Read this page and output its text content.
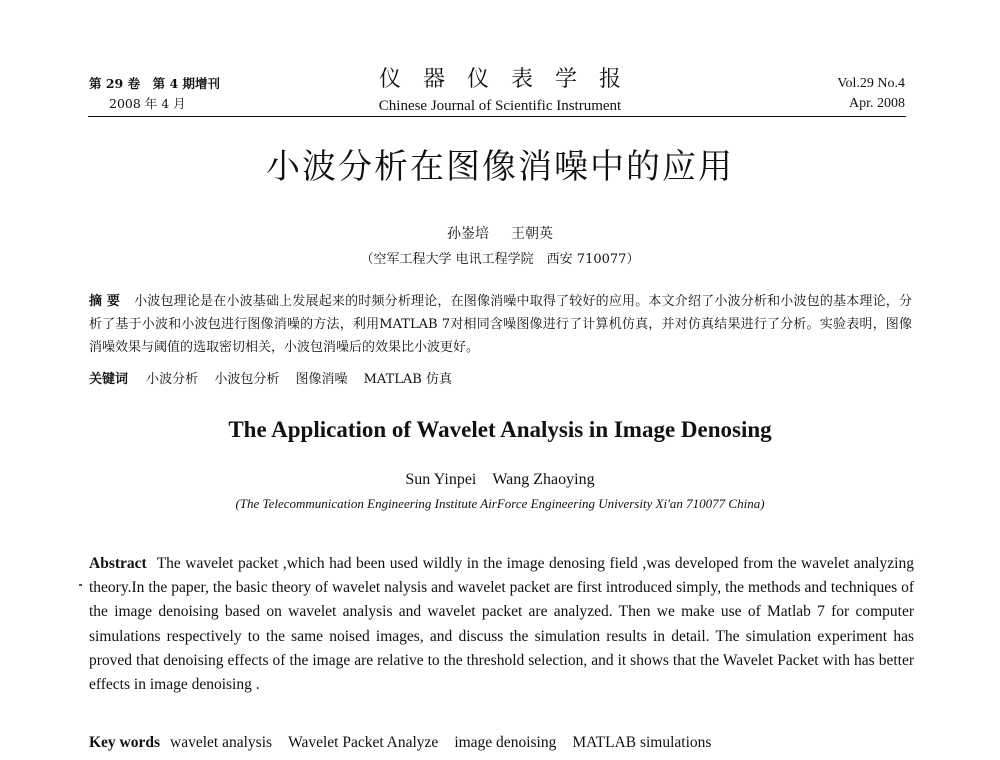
第 29 卷　第 4 期增刊
2008 年 4 月
仪器仪表学报
Chinese Journal of Scientific Instrument
Vol.29 No.4
Apr. 2008
小波分析在图像消噪中的应用
孙崟培 王朝英
（空军工程大学 电讯工程学院　西安 710077）
摘 要 小波包理论是在小波基础上发展起来的时频分析理论，在图像消噪中取得了较好的应用。本文介绍了小波分析和小波包的基本理论，分析了基于小波和小波包进行图像消噪的方法，利用MATLAB 7对相同含噪图像进行了计算机仿真，并对仿真结果进行了分析。实验表明，图像消噪效果与阈值的选取密切相关，小波包消噪后的效果比小波更好。
关键词 小波分析 小波包分析 图像消噪 MATLAB 仿真
The Application of Wavelet Analysis in Image Denosing
Sun Yinpei Wang Zhaoying
(The Telecommunication Engineering Institute AirForce Engineering University Xi'an 710077 China)
Abstract The wavelet packet ,which had been used wildly in the image denosing field ,was developed from the wavelet analyzing theory.In the paper, the basic theory of wavelet nalysis and wavelet packet are first introduced simply, the methods and techniques of the image denoising based on wavelet analysis and wavelet packet are analyzed. Then we make use of Matlab 7 for computer simulations respectively to the same noised images, and discuss the simulation results in detail. The simulation experiment has proved that denoising effects of the image are relative to the threshold selection, and it shows that the Wavelet Packet with has better effects in image denoising .
Key words wavelet analysis Wavelet Packet Analyze image denoising MATLAB simulations
